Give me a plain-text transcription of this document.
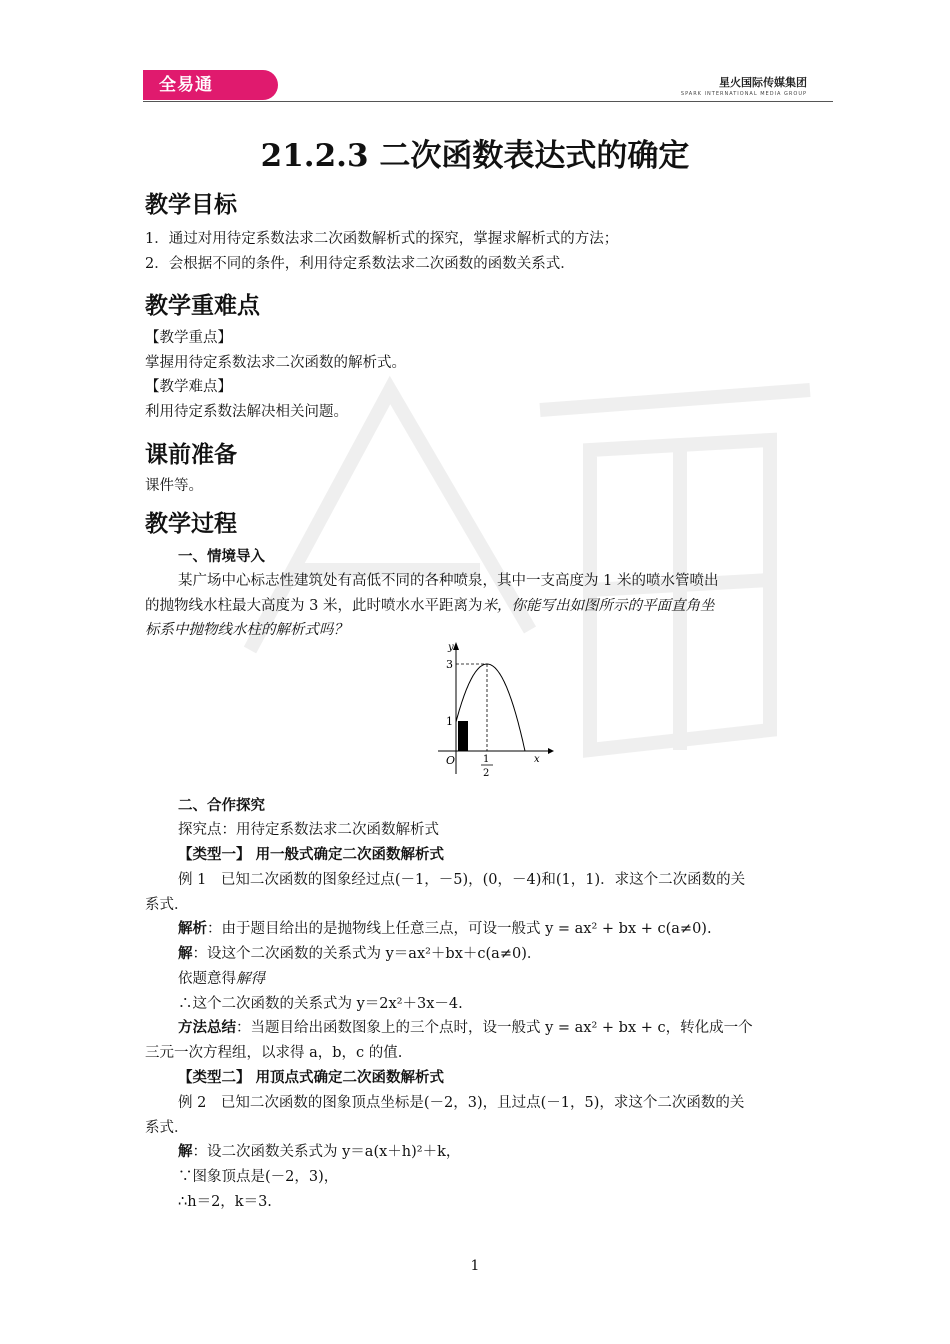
全易通	星火国际传媒集团
SPARK INTERNATIONAL MEDIA GROUP
21.2.3 二次函数表达式的确定
教学目标
1．通过对用待定系数法求二次函数解析式的探究，掌握求解析式的方法；
2．会根据不同的条件，利用待定系数法求二次函数的函数关系式．
教学重难点
【教学重点】
掌握用待定系数法求二次函数的解析式。
【教学难点】
利用待定系数法解决相关问题。
课前准备
课件等。
教学过程
一、情境导入
某广场中心标志性建筑处有高低不同的各种喷泉，其中一支高度为 1 米的喷水管喷出
的抛物线水柱最大高度为 3 米，此时喷水水平距离为米，你能写出如图所示的平面直角坐
标系中抛物线水柱的解析式吗？
y
x
O
3
1
1
2
二、合作探究
探究点：用待定系数法求二次函数解析式
【类型一】 用一般式确定二次函数解析式
例 1　已知二次函数的图象经过点(－1，－5)，(0，－4)和(1，1)．求这个二次函数的关
系式．
解析：由于题目给出的是抛物线上任意三点，可设一般式 y = ax² + bx + c(a≠0).
解：设这个二次函数的关系式为 y＝ax²＋bx＋c(a≠0)．
依题意得解得
∴这个二次函数的关系式为 y＝2x²＋3x－4.
方法总结：当题目给出函数图象上的三个点时，设一般式 y = ax² + bx + c，转化成一个
三元一次方程组，以求得 a，b，c 的值.
【类型二】 用顶点式确定二次函数解析式
例 2　已知二次函数的图象顶点坐标是(－2，3)，且过点(－1，5)，求这个二次函数的关
系式．
解：设二次函数关系式为 y＝a(x＋h)²＋k，
∵图象顶点是(－2，3)，
∴h＝2，k＝3.
1
